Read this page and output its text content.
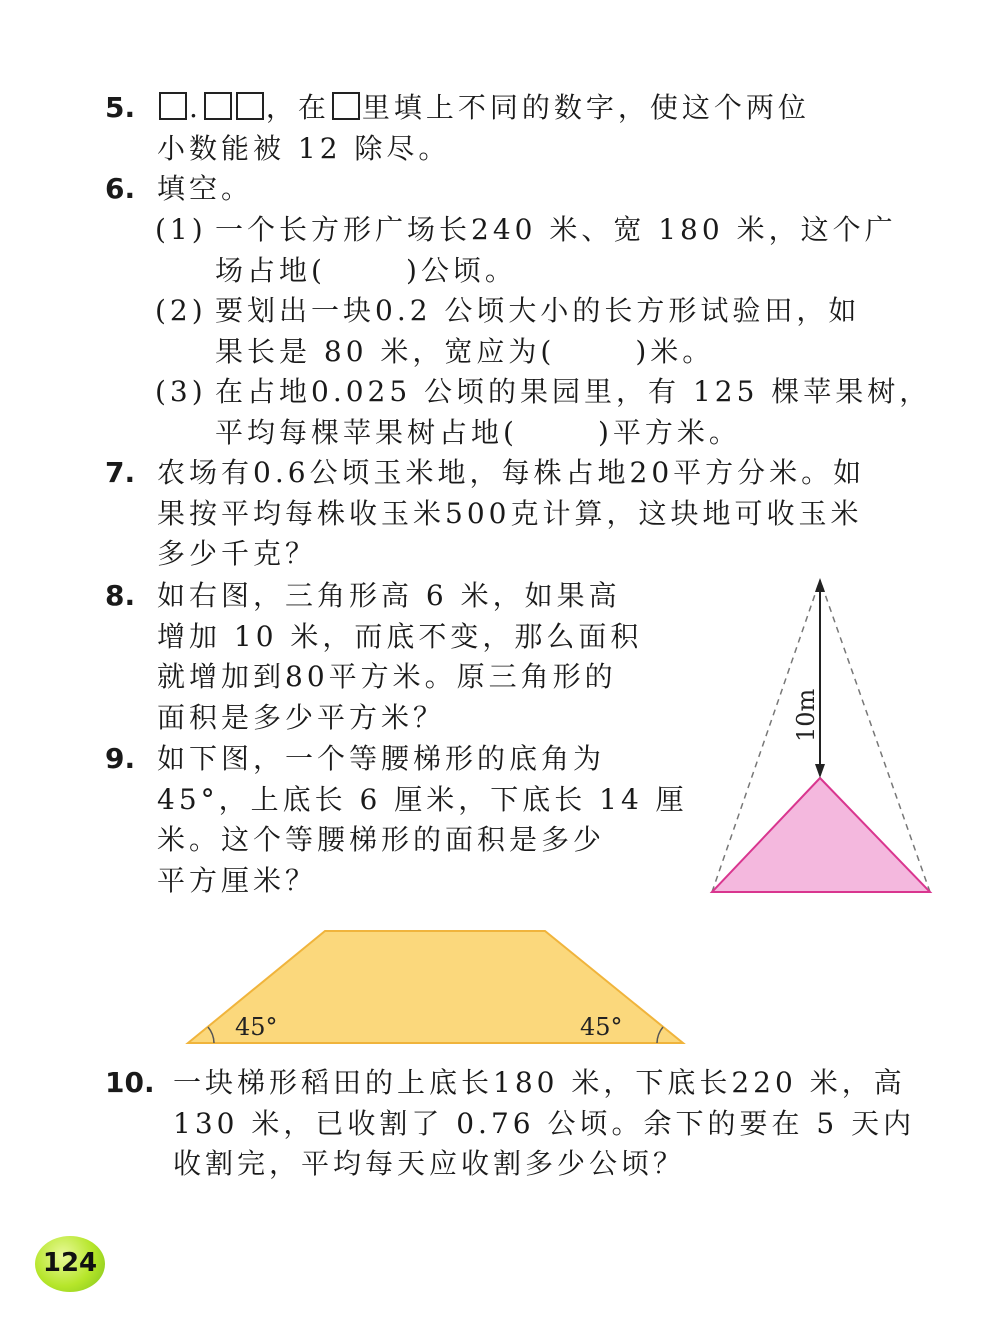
5.	. ，在 里填上不同的数字，使这个两位
小数能被 12 除尽。
6. 填空。
(1) 一个长方形广场长240 米、宽 180 米，这个广
场占地(	)公顷。
(2) 要划出一块0.2 公顷大小的长方形试验田，如
果长是 80 米，宽应为(	)米。
(3) 在占地0.025 公顷的果园里，有 125 棵苹果树，
平均每棵苹果树占地(	)平方米。
7. 农场有0.6公顷玉米地，每株占地20平方分米。如
果按平均每株收玉米500克计算，这块地可收玉米
多少千克？
8. 如右图，三角形高 6 米，如果高
增加 10 米，而底不变，那么面积
就增加到80平方米。原三角形的
面积是多少平方米？
9. 如下图，一个等腰梯形的底角为
45°，上底长 6 厘米，下底长 14 厘
米。这个等腰梯形的面积是多少
平方厘米？
10m
45°	45°
10. 一块梯形稻田的上底长180 米，下底长220 米，高
130 米，已收割了 0.76 公顷。余下的要在 5 天内
收割完，平均每天应收割多少公顷？
124
